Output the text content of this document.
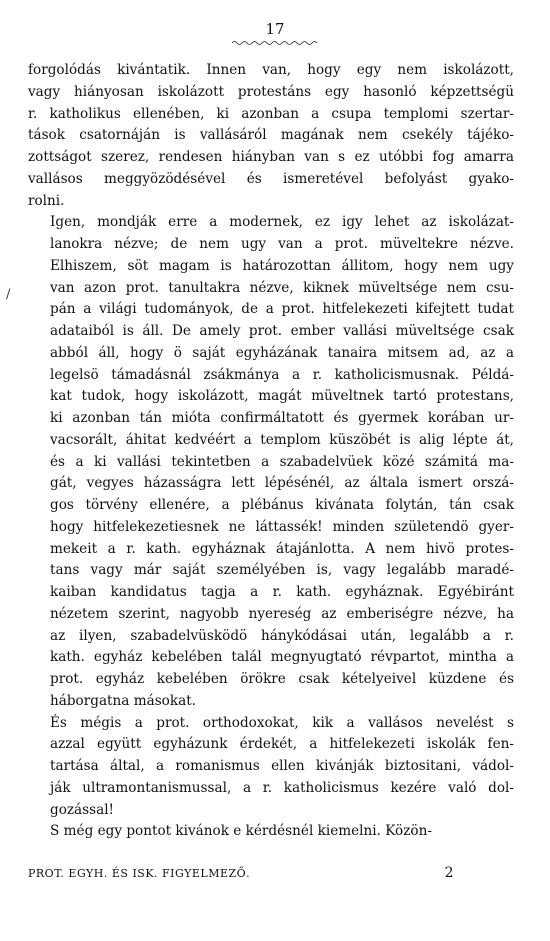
17
/
forgolódás kivántatik. Innen van, hogy egy nem iskolázott,
vagy hiányosan iskolázott protestáns egy hasonló képzettségü
r. katholikus ellenében, ki azonban a csupa templomi szertar-
tások csatornáján is vallásáról magának nem csekély tájéko-
zottságot szerez, rendesen hiányban van s ez utóbbi fog amarra
vallásos meggyözödésével és ismeretével befolyást gyako-
rolni.
Igen, mondják erre a modernek, ez igy lehet az iskolázat-
lanokra nézve; de nem ugy van a prot. müveltekre nézve.
Elhiszem, söt magam is határozottan állitom, hogy nem ugy
van azon prot. tanultakra nézve, kiknek müveltsége nem csu-
pán a világi tudományok, de a prot. hitfelekezeti kifejtett tudat
adataiból is áll. De amely prot. ember vallási müveltsége csak
abból áll, hogy ö saját egyházának tanaira mitsem ad, az a
legelsö támadásnál zsákmánya a r. katholicismusnak. Példá-
kat tudok, hogy iskolázott, magát müveltnek tartó protestans,
ki azonban tán mióta confirmáltatott és gyermek korában ur-
vacsorált, áhitat kedvéért a templom küszöbét is alig lépte át,
és a ki vallási tekintetben a szabadelvüek közé számitá ma-
gát, vegyes házasságra lett lépésénél, az általa ismert orszá-
gos törvény ellenére, a plébánus kivánata folytán, tán csak
hogy hitfelekezetiesnek ne láttassék! minden születendö gyer-
mekeit a r. kath. egyháznak átajánlotta. A nem hivö protes-
tans vagy már saját személyében is, vagy legalább maradé-
kaiban kandidatus tagja a r. kath. egyháznak. Egyébiránt
nézetem szerint, nagyobb nyereség az emberiségre nézve, ha
az ilyen, szabadelvüsködö hánykódásai után, legalább a r.
kath. egyház kebelében talál megnyugtató révpartot, mintha a
prot. egyház kebelében örökre csak kételyeivel küzdene és
háborgatna másokat.
És mégis a prot. orthodoxokat, kik a vallásos nevelést s
azzal együtt egyházunk érdekét, a hitfelekezeti iskolák fen-
tartása által, a romanismus ellen kivánják biztositani, vádol-
ják ultramontanismussal, a r. katholicismus kezére való dol-
gozással!
S még egy pontot kivánok e kérdésnél kiemelni. Közön-
PROT. EGYH. ÉS ISK. FIGYELMEZŐ.	2
